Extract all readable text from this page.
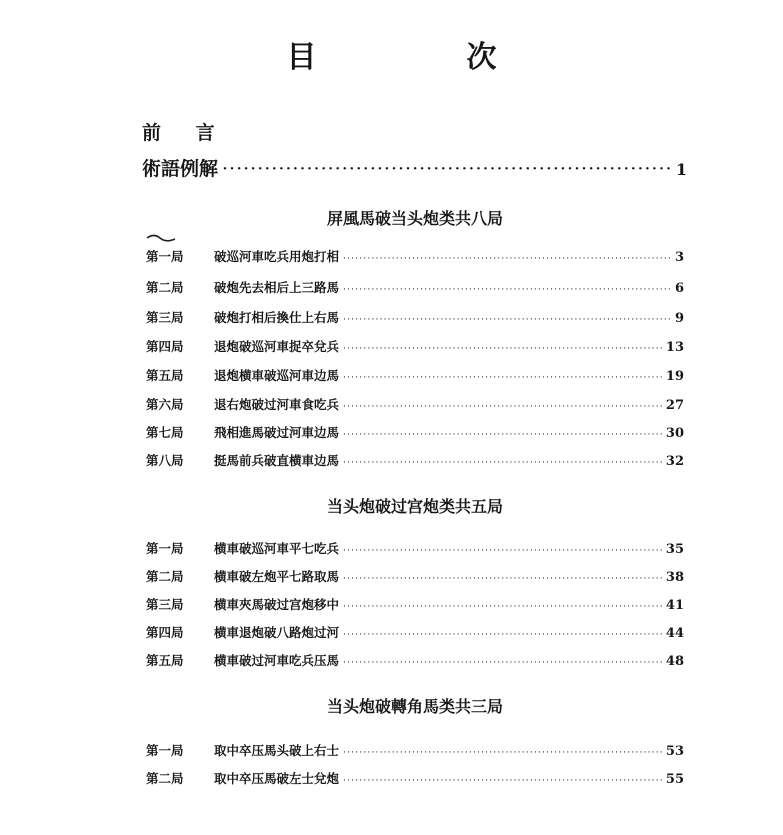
目　次
前 言
術語例解 ·····	1
屏風馬破当头炮类共八局
第一局	破巡河車吃兵用炮打相 ·····	3
第二局	破炮先去相后上三路馬 ·····	6
第三局	破炮打相后換仕上右馬 ·····	9
第四局	退炮破巡河車捉卒兌兵 ·····	13
第五局	退炮横車破巡河車边馬 ·····	19
第六局	退右炮破过河車食吃兵 ·····	27
第七局	飛相進馬破过河車边馬 ·····	30
第八局	挺馬前兵破直横車边馬 ·····	32
当头炮破过宫炮类共五局
第一局	横車破巡河車平七吃兵 ·····	35
第二局	横車破左炮平七路取馬 ·····	38
第三局	横車夾馬破过宫炮移中 ·····	41
第四局	横車退炮破八路炮过河 ·····	44
第五局	横車破过河車吃兵压馬 ·····	48
当头炮破轉角馬类共三局
第一局	取中卒压馬头破上右士 ·····	53
第二局	取中卒压馬破左士兌炮 ·····	55
